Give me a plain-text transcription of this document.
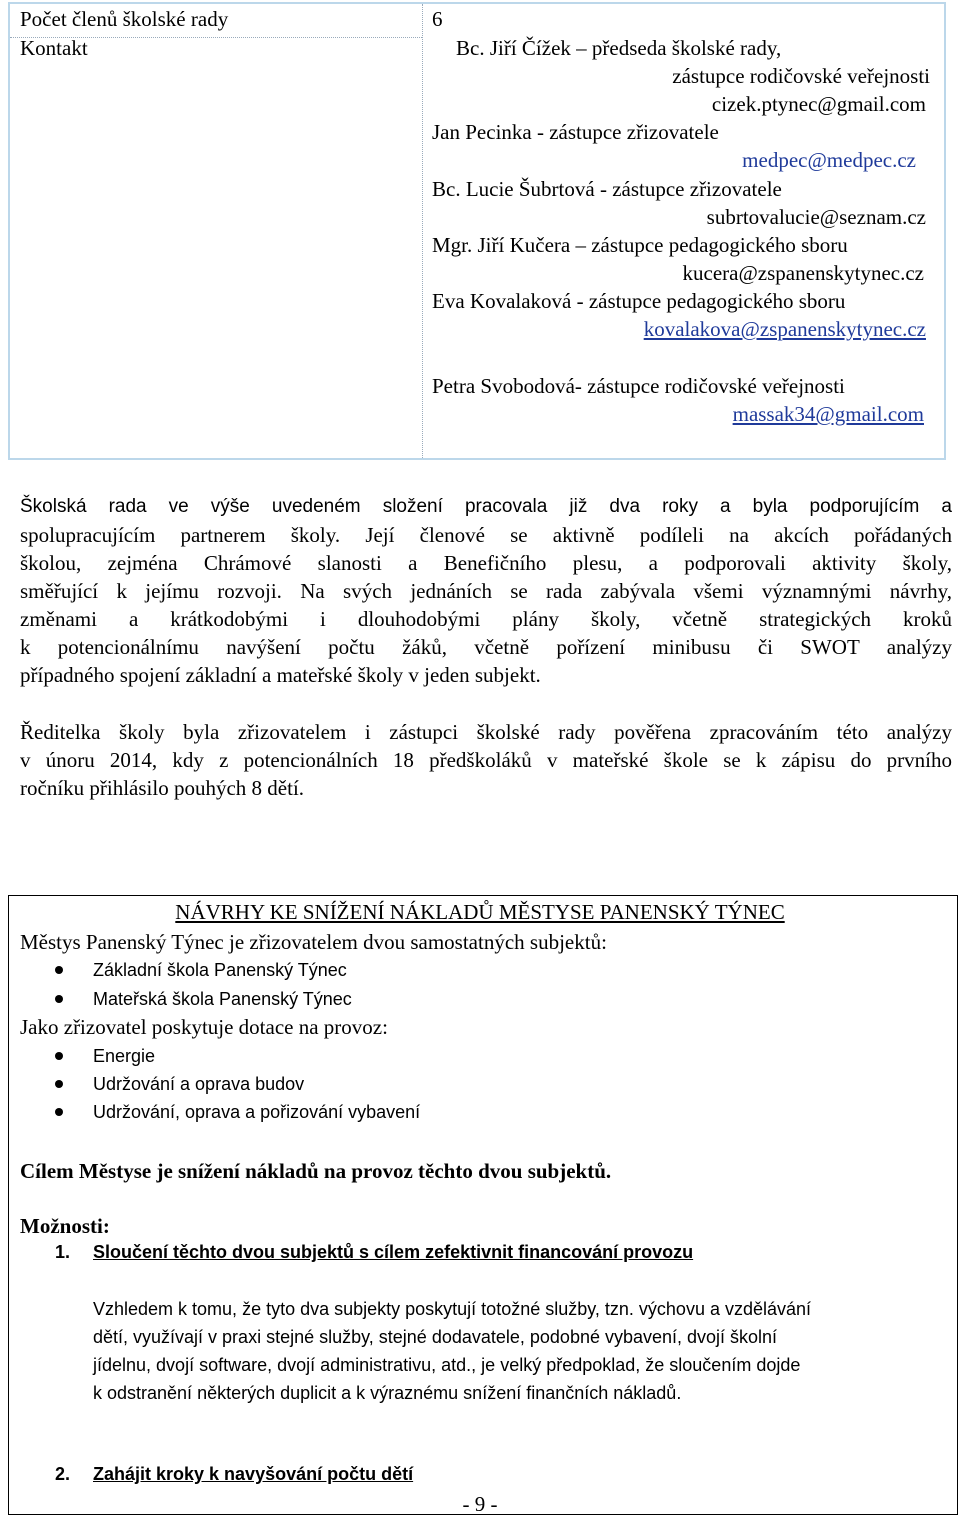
Počet členů školské rady	6
Kontakt	Bc. Jiří Čížek – předseda školské rady,
zástupce rodičovské veřejnosti
cizek.ptynec@gmail.com
Jan Pecinka - zástupce zřizovatele
medpec@medpec.cz
Bc. Lucie Šubrtová - zástupce zřizovatele
subrtovalucie@seznam.cz
Mgr. Jiří Kučera – zástupce pedagogického sboru
kucera@zspanenskytynec.cz
Eva Kovalaková - zástupce pedagogického sboru
kovalakova@zspanenskytynec.cz
Petra Svobodová- zástupce rodičovské veřejnosti
massak34@gmail.com
Školská rada ve výše uvedeném složení pracovala již dva roky a byla podporujícím a
spolupracujícím partnerem školy. Její členové se aktivně podíleli na akcích pořádaných
školou, zejména Chrámové slanosti a Benefičního plesu, a podporovali aktivity školy,
směřující k jejímu rozvoji. Na svých jednáních se rada zabývala všemi významnými návrhy,
změnami a krátkodobými i dlouhodobými plány školy, včetně strategických kroků
k potencionálnímu navýšení počtu žáků, včetně pořízení minibusu či SWOT analýzy
případného spojení základní a mateřské školy v jeden subjekt.
Ředitelka školy byla zřizovatelem i zástupci školské rady pověřena zpracováním této analýzy
v únoru 2014, kdy z potencionálních 18 předškoláků v mateřské škole se k zápisu do prvního
ročníku přihlásilo pouhých 8 dětí.
NÁVRHY KE SNÍŽENÍ NÁKLADŮ MĚSTYSE PANENSKÝ TÝNEC
Městys Panenský Týnec je zřizovatelem dvou samostatných subjektů:
Základní škola Panenský Týnec
Mateřská škola Panenský Týnec
Jako zřizovatel poskytuje dotace na provoz:
Energie
Udržování a oprava budov
Udržování, oprava a pořizování vybavení
Cílem Městyse je snížení nákladů na provoz těchto dvou subjektů.
Možnosti:
1. Sloučení těchto dvou subjektů s cílem zefektivnit financování provozu
Vzhledem k tomu, že tyto dva subjekty poskytují totožné služby, tzn. výchovu a vzdělávání
dětí, využívají v praxi stejné služby, stejné dodavatele, podobné vybavení, dvojí školní
jídelnu, dvojí software, dvojí administrativu, atd., je velký předpoklad, že sloučením dojde
k odstranění některých duplicit a k výraznému snížení finančních nákladů.
2. Zahájit kroky k navyšování počtu dětí
- 9 -
